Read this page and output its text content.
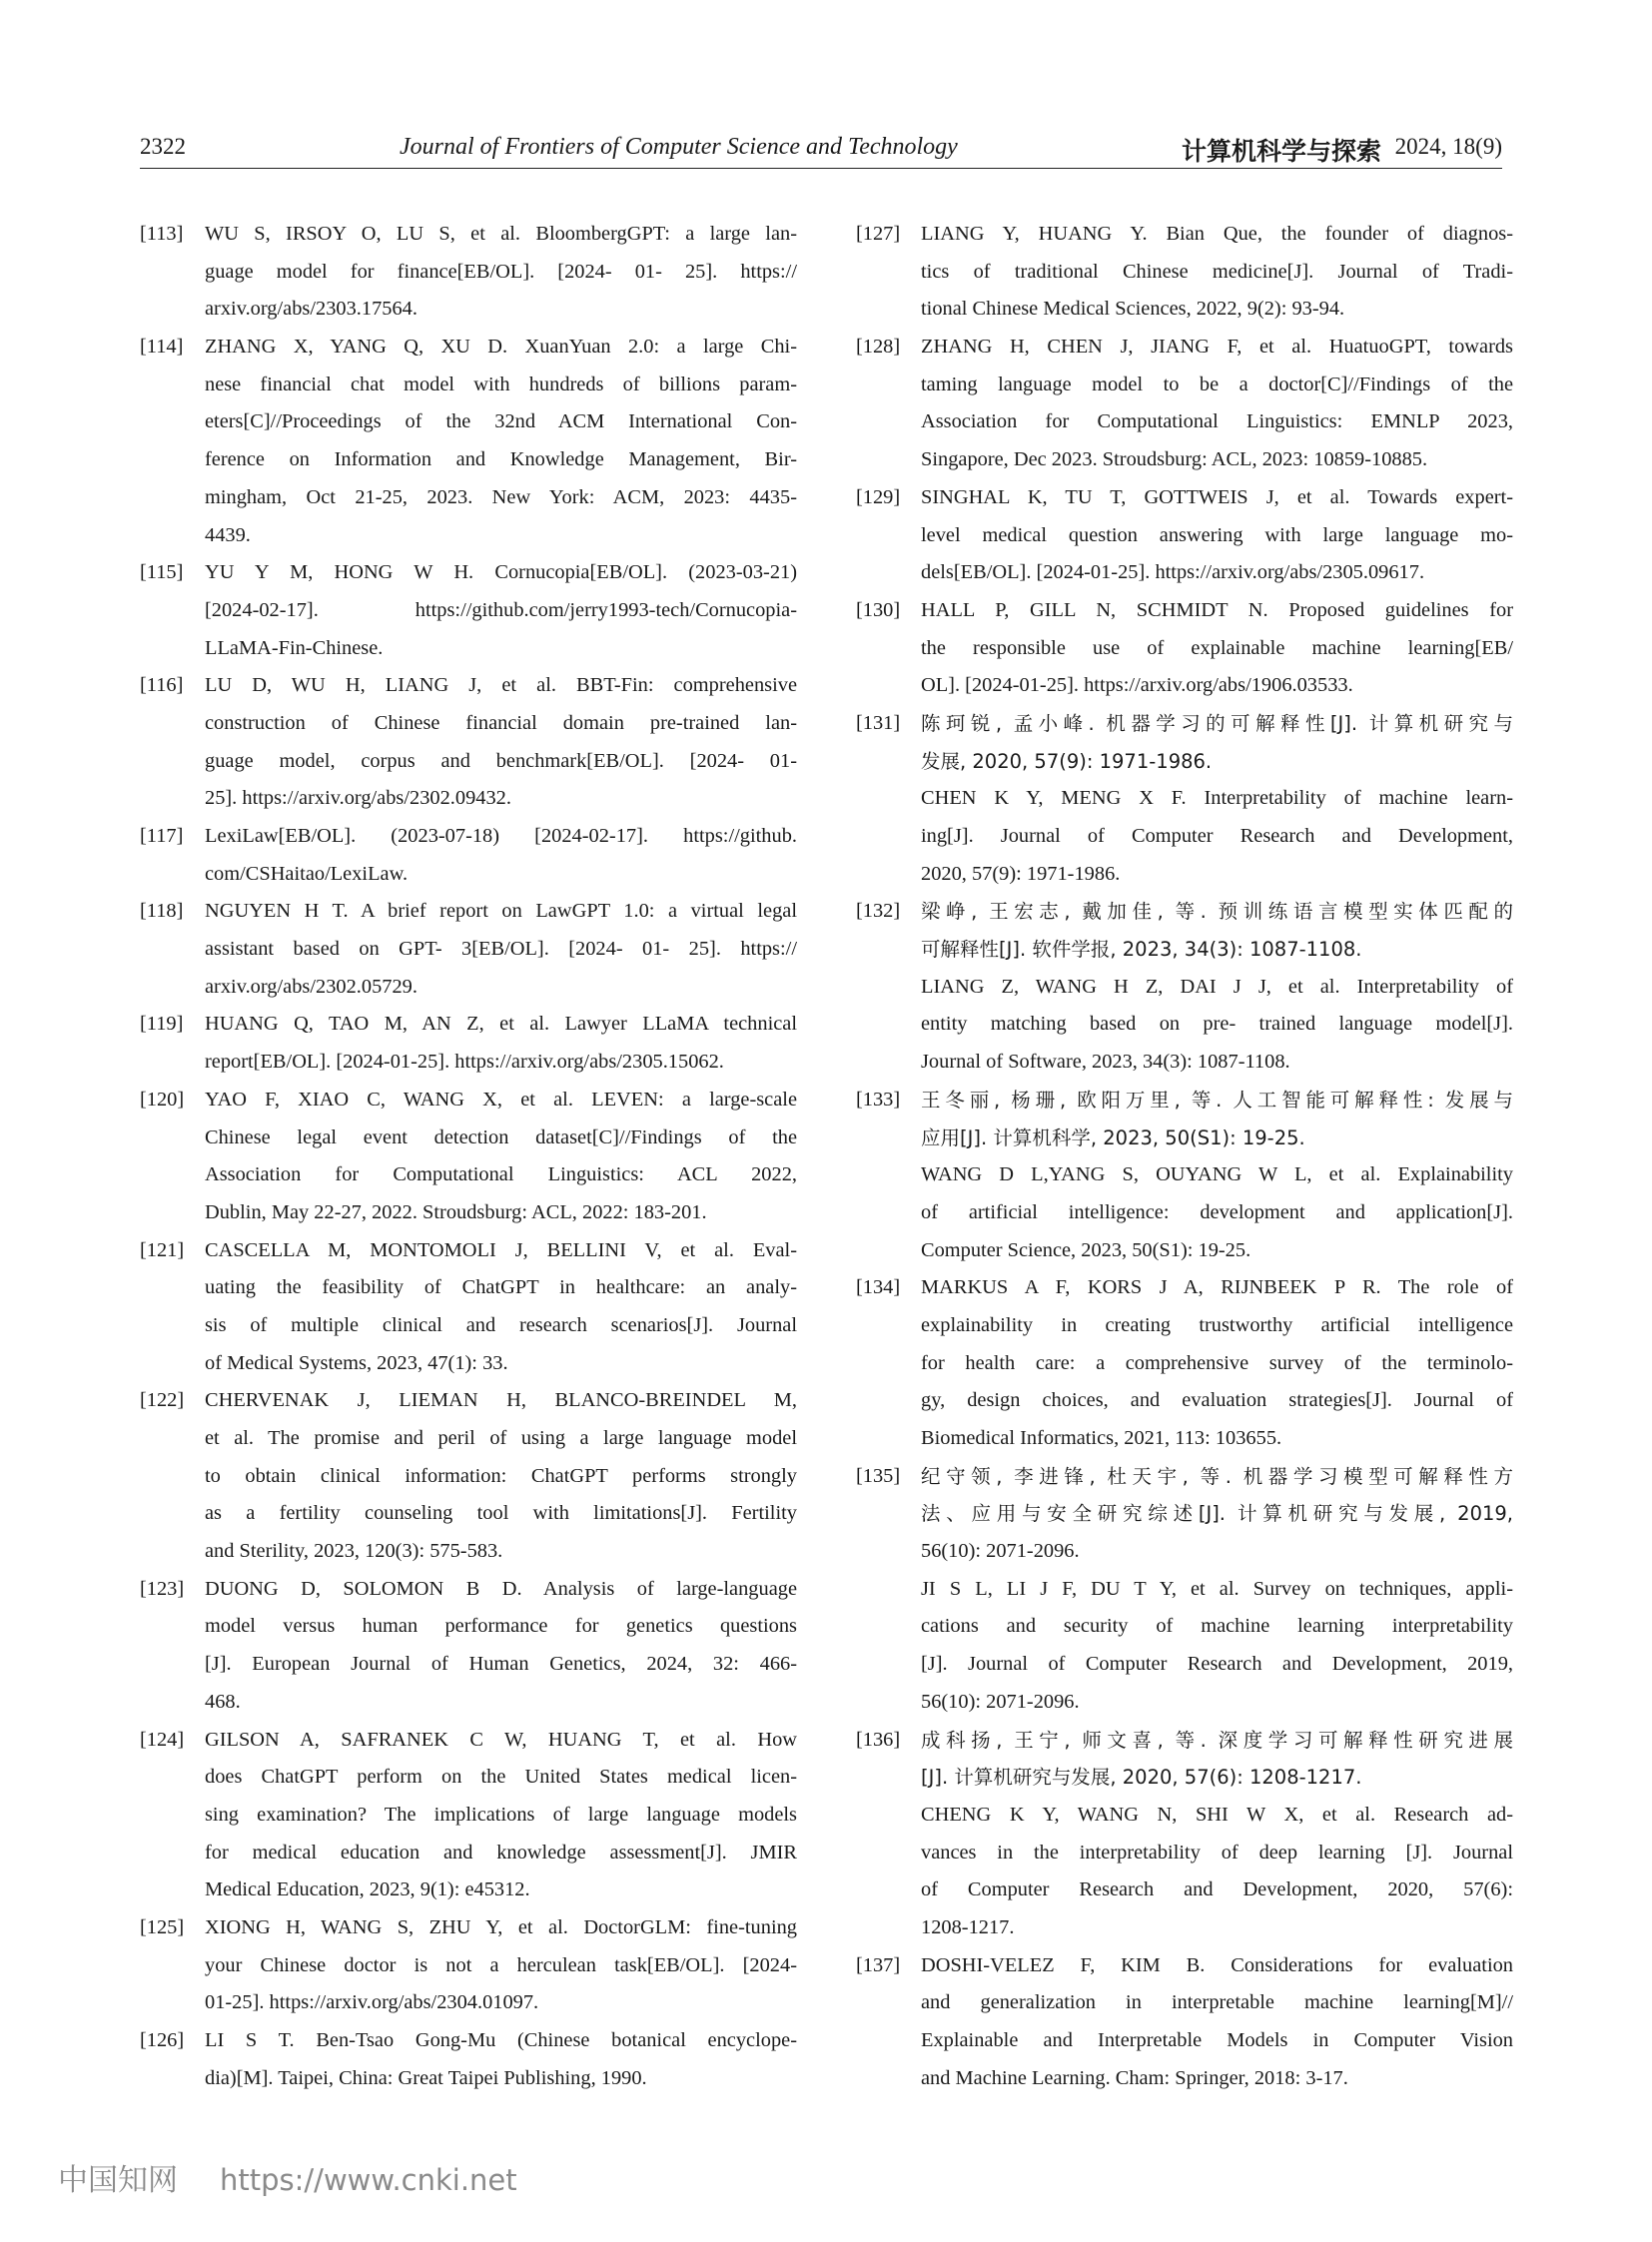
2322	Journal of Frontiers of Computer Science and Technology	计算机科学与探索 2024, 18(9)
[113] WU S, IRSOY O, LU S, et al. BloombergGPT: a large lan-
guage model for finance[EB/OL]. [2024- 01- 25]. https://
arxiv.org/abs/2303.17564.
[114] ZHANG X, YANG Q, XU D. XuanYuan 2.0: a large Chi-
nese financial chat model with hundreds of billions param-
eters[C]//Proceedings of the 32nd ACM International Con-
ference on Information and Knowledge Management, Bir-
mingham, Oct 21-25, 2023. New York: ACM, 2023: 4435-
4439.
[115] YU Y M, HONG W H. Cornucopia[EB/OL]. (2023-03-21)
[2024-02-17]. https://github.com/jerry1993-tech/Cornucopia-
LLaMA-Fin-Chinese.
[116] LU D, WU H, LIANG J, et al. BBT-Fin: comprehensive
construction of Chinese financial domain pre-trained lan-
guage model, corpus and benchmark[EB/OL]. [2024- 01-
25]. https://arxiv.org/abs/2302.09432.
[117] LexiLaw[EB/OL]. (2023-07-18) [2024-02-17]. https://github.
com/CSHaitao/LexiLaw.
[118] NGUYEN H T. A brief report on LawGPT 1.0: a virtual legal
assistant based on GPT- 3[EB/OL]. [2024- 01- 25]. https://
arxiv.org/abs/2302.05729.
[119] HUANG Q, TAO M, AN Z, et al. Lawyer LLaMA technical
report[EB/OL]. [2024-01-25]. https://arxiv.org/abs/2305.15062.
[120] YAO F, XIAO C, WANG X, et al. LEVEN: a large-scale
Chinese legal event detection dataset[C]//Findings of the
Association for Computational Linguistics: ACL 2022,
Dublin, May 22-27, 2022. Stroudsburg: ACL, 2022: 183-201.
[121] CASCELLA M, MONTOMOLI J, BELLINI V, et al. Eval-
uating the feasibility of ChatGPT in healthcare: an analy-
sis of multiple clinical and research scenarios[J]. Journal
of Medical Systems, 2023, 47(1): 33.
[122] CHERVENAK J, LIEMAN H, BLANCO-BREINDEL M,
et al. The promise and peril of using a large language model
to obtain clinical information: ChatGPT performs strongly
as a fertility counseling tool with limitations[J]. Fertility
and Sterility, 2023, 120(3): 575-583.
[123] DUONG D, SOLOMON B D. Analysis of large-language
model versus human performance for genetics questions
[J]. European Journal of Human Genetics, 2024, 32: 466-
468.
[124] GILSON A, SAFRANEK C W, HUANG T, et al. How
does ChatGPT perform on the United States medical licen-
sing examination? The implications of large language models
for medical education and knowledge assessment[J]. JMIR
Medical Education, 2023, 9(1): e45312.
[125] XIONG H, WANG S, ZHU Y, et al. DoctorGLM: fine-tuning
your Chinese doctor is not a herculean task[EB/OL]. [2024-
01-25]. https://arxiv.org/abs/2304.01097.
[126] LI S T. Ben-Tsao Gong-Mu (Chinese botanical encyclope-
dia)[M]. Taipei, China: Great Taipei Publishing, 1990.
[127] LIANG Y, HUANG Y. Bian Que, the founder of diagnos-
tics of traditional Chinese medicine[J]. Journal of Tradi-
tional Chinese Medical Sciences, 2022, 9(2): 93-94.
[128] ZHANG H, CHEN J, JIANG F, et al. HuatuoGPT, towards
taming language model to be a doctor[C]//Findings of the
Association for Computational Linguistics: EMNLP 2023,
Singapore, Dec 2023. Stroudsburg: ACL, 2023: 10859-10885.
[129] SINGHAL K, TU T, GOTTWEIS J, et al. Towards expert-
level medical question answering with large language mo-
dels[EB/OL]. [2024-01-25]. https://arxiv.org/abs/2305.09617.
[130] HALL P, GILL N, SCHMIDT N. Proposed guidelines for
the responsible use of explainable machine learning[EB/
OL]. [2024-01-25]. https://arxiv.org/abs/1906.03533.
[131] 陈珂锐, 孟小峰. 机器学习的可解释性[J]. 计算机研究与
发展, 2020, 57(9): 1971-1986.
CHEN K Y, MENG X F. Interpretability of machine learn-
ing[J]. Journal of Computer Research and Development,
2020, 57(9): 1971-1986.
[132] 梁峥, 王宏志, 戴加佳, 等. 预训练语言模型实体匹配的
可解释性[J]. 软件学报, 2023, 34(3): 1087-1108.
LIANG Z, WANG H Z, DAI J J, et al. Interpretability of
entity matching based on pre- trained language model[J].
Journal of Software, 2023, 34(3): 1087-1108.
[133] 王冬丽, 杨珊, 欧阳万里, 等. 人工智能可解释性: 发展与
应用[J]. 计算机科学, 2023, 50(S1): 19-25.
WANG D L,YANG S, OUYANG W L, et al. Explainability
of artificial intelligence: development and application[J].
Computer Science, 2023, 50(S1): 19-25.
[134] MARKUS A F, KORS J A, RIJNBEEK P R. The role of
explainability in creating trustworthy artificial intelligence
for health care: a comprehensive survey of the terminolo-
gy, design choices, and evaluation strategies[J]. Journal of
Biomedical Informatics, 2021, 113: 103655.
[135] 纪守领, 李进锋, 杜天宇, 等. 机器学习模型可解释性方
法、应用与安全研究综述[J]. 计算机研究与发展, 2019,
56(10): 2071-2096.
JI S L, LI J F, DU T Y, et al. Survey on techniques, appli-
cations and security of machine learning interpretability
[J]. Journal of Computer Research and Development, 2019,
56(10): 2071-2096.
[136] 成科扬, 王宁, 师文喜, 等. 深度学习可解释性研究进展
[J]. 计算机研究与发展, 2020, 57(6): 1208-1217.
CHENG K Y, WANG N, SHI W X, et al. Research ad-
vances in the interpretability of deep learning [J]. Journal
of Computer Research and Development, 2020, 57(6):
1208-1217.
[137] DOSHI-VELEZ F, KIM B. Considerations for evaluation
and generalization in interpretable machine learning[M]//
Explainable and Interpretable Models in Computer Vision
and Machine Learning. Cham: Springer, 2018: 3-17.
中国知网 https://www.cnki.net
